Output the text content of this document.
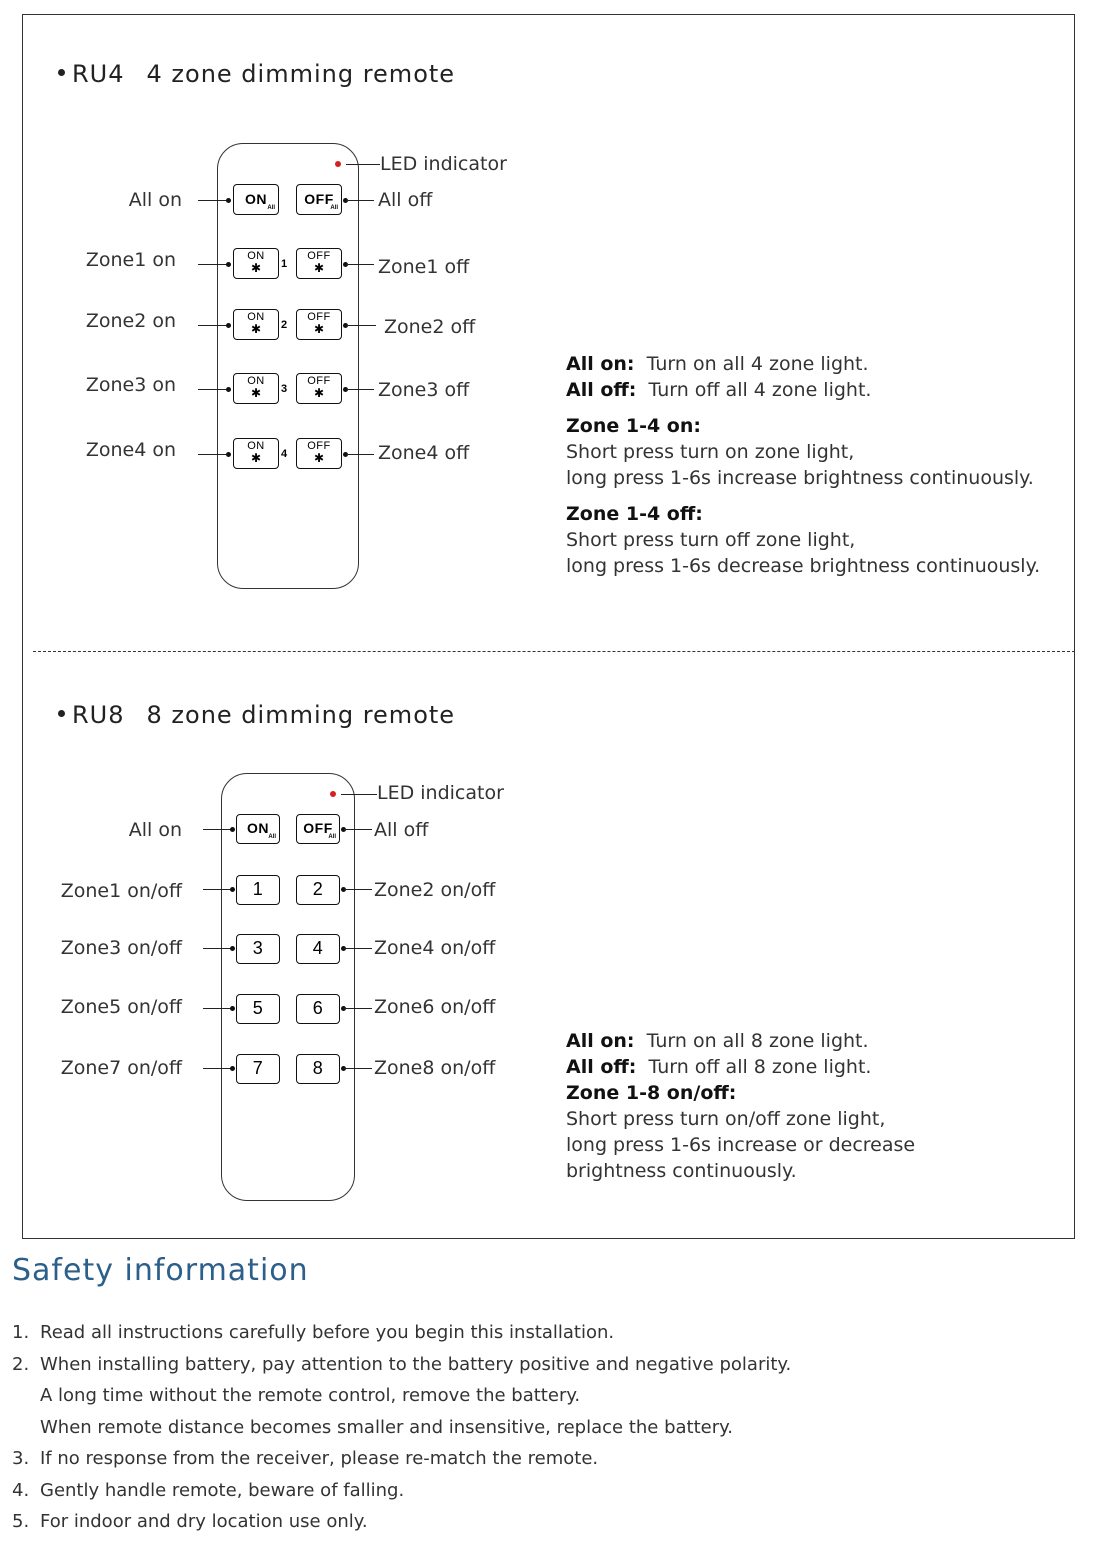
RU4 4 zone dimming remote
LED indicator
All on	ON
All
OFF
All All off
Zone1 on	ON
✱	1
OFF
✱	Zone1 off
Zone2 on	ON
✱	2
OFF
✱	Zone2 off
Zone3 on	ON
✱	3
OFF
✱	Zone3 off
Zone4 on	ON
✱	4
OFF
✱	Zone4 off
All on: Turn on all 4 zone light.
All off: Turn off all 4 zone light.
Zone 1-4 on:
Short press turn on zone light,
long press 1-6s increase brightness continuously.
Zone 1-4 off:
Short press turn off zone light,
long press 1-6s decrease brightness continuously.
RU8 8 zone dimming remote
LED indicator
All on	ON
All
OFF
All All off
Zone1 on/off	1	2	Zone2 on/off
Zone3 on/off	3	4	Zone4 on/off
Zone5 on/off	5	6	Zone6 on/off
Zone7 on/off	7	8	Zone8 on/off
All on: Turn on all 8 zone light.
All off: Turn off all 8 zone light.
Zone 1-8 on/off:
Short press turn on/off zone light,
long press 1-6s increase or decrease
brightness continuously.
Safety information
1. Read all instructions carefully before you begin this installation.
2. When installing battery, pay attention to the battery positive and negative polarity.
A long time without the remote control, remove the battery.
When remote distance becomes smaller and insensitive, replace the battery.
3. If no response from the receiver, please re-match the remote.
4. Gently handle remote, beware of falling.
5. For indoor and dry location use only.
